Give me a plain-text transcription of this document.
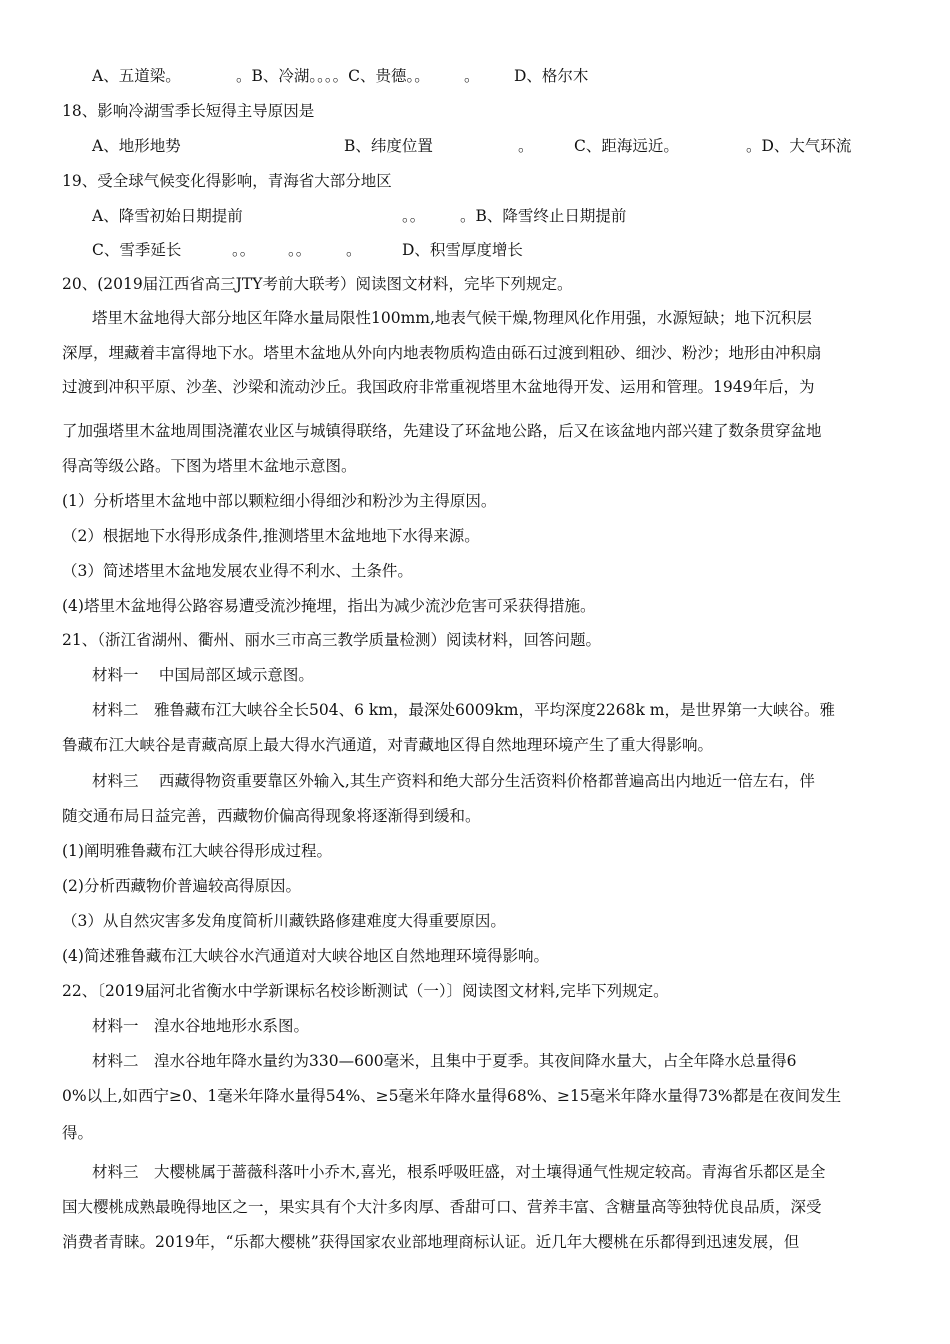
A、五道梁。	。B、冷湖。。。。C、贵德。。 。 D、格尔木
18、影响冷湖雪季长短得主导原因是
A、地形地势	B、纬度位置	。	C、距海远近。	。D、大气环流
19、受全球气候变化得影响，青海省大部分地区
A、降雪初始日期提前	。。 。B、降雪终止日期提前
C、雪季延长	。。 。。 。	D、积雪厚度增长
20、(2019届江西省高三JTY考前大联考）阅读图文材料，完毕下列规定。
塔里木盆地得大部分地区年降水量局限性100mm,地表气候干燥,物理风化作用强，水源短缺；地下沉积层
深厚，埋藏着丰富得地下水。塔里木盆地从外向内地表物质构造由砾石过渡到粗砂、细沙、粉沙；地形由冲积扇
过渡到冲积平原、沙垄、沙梁和流动沙丘。我国政府非常重视塔里木盆地得开发、运用和管理。1949年后，为
了加强塔里木盆地周围浇灌农业区与城镇得联络，先建设了环盆地公路，后又在该盆地内部兴建了数条贯穿盆地
得高等级公路。下图为塔里木盆地示意图。
(1）分析塔里木盆地中部以颗粒细小得细沙和粉沙为主得原因。
（2）根据地下水得形成条件,推测塔里木盆地地下水得来源。
（3）简述塔里木盆地发展农业得不利水、土条件。
(4)塔里木盆地得公路容易遭受流沙掩埋，指出为减少流沙危害可采获得措施。
21、（浙江省湖州、衢州、丽水三市高三教学质量检测）阅读材料，回答问题。
材料一　 中国局部区域示意图。
材料二　雅鲁藏布江大峡谷全长504、6 km，最深处6009km，平均深度2268k m，是世界第一大峡谷。雅
鲁藏布江大峡谷是青藏高原上最大得水汽通道，对青藏地区得自然地理环境产生了重大得影响。
材料三　 西藏得物资重要靠区外输入,其生产资料和绝大部分生活资料价格都普遍高出内地近一倍左右，伴
随交通布局日益完善，西藏物价偏高得现象将逐渐得到缓和。
(1)阐明雅鲁藏布江大峡谷得形成过程。
(2)分析西藏物价普遍较高得原因。
（3）从自然灾害多发角度简析川藏铁路修建难度大得重要原因。
(4)简述雅鲁藏布江大峡谷水汽通道对大峡谷地区自然地理环境得影响。
22、〔2019届河北省衡水中学新课标名校诊断测试（一）〕阅读图文材料,完毕下列规定。
材料一　湟水谷地地形水系图。
材料二　湟水谷地年降水量约为330—600毫米，且集中于夏季。其夜间降水量大，占全年降水总量得6
0%以上,如西宁≥0、1毫米年降水量得54%、≥5毫米年降水量得68%、≥15毫米年降水量得73%都是在夜间发生
得。
材料三　大樱桃属于蔷薇科落叶小乔木,喜光，根系呼吸旺盛，对土壤得通气性规定较高。青海省乐都区是全
国大樱桃成熟最晚得地区之一，果实具有个大汁多肉厚、香甜可口、营养丰富、含糖量高等独特优良品质，深受
消费者青睐。2019年，“乐都大樱桃”获得国家农业部地理商标认证。近几年大樱桃在乐都得到迅速发展，但
